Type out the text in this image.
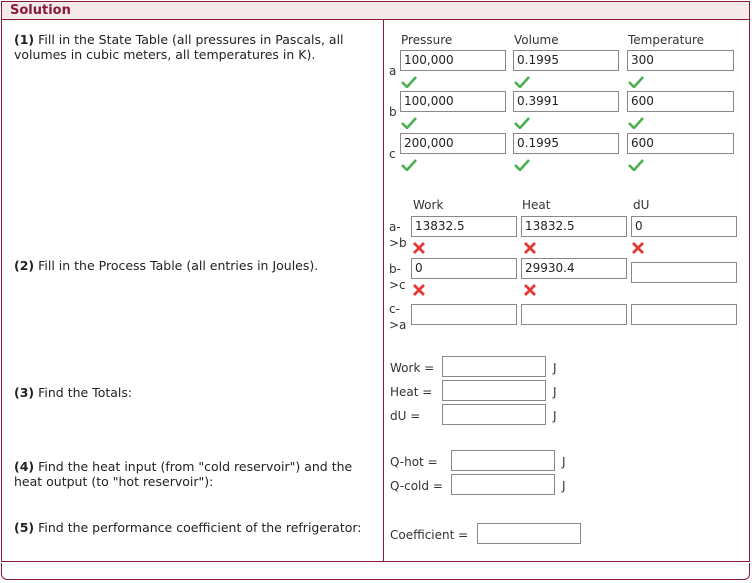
Solution
(1) Fill in the State Table (all pressures in Pascals, all volumes in cubic meters, all temperatures in K).
(2) Fill in the Process Table (all entries in Joules).
(3) Find the Totals:
(4) Find the heat input (from "cold reservoir") and the heat output (to "hot reservoir"):
(5) Find the performance coefficient of the refrigerator:
Pressure	Volume	Temperature
a
100,000	0.1995	300
b
100,000	0.3991	600
c
200,000	0.1995	600
Work	Heat	dU
a-
>b
13832.5	13832.5	0
b-
>c
0	29930.4
c-
>a
Work =	J
Heat =	J
dU =	J
Q-hot =	J
Q-cold =	J
Coefficient =
